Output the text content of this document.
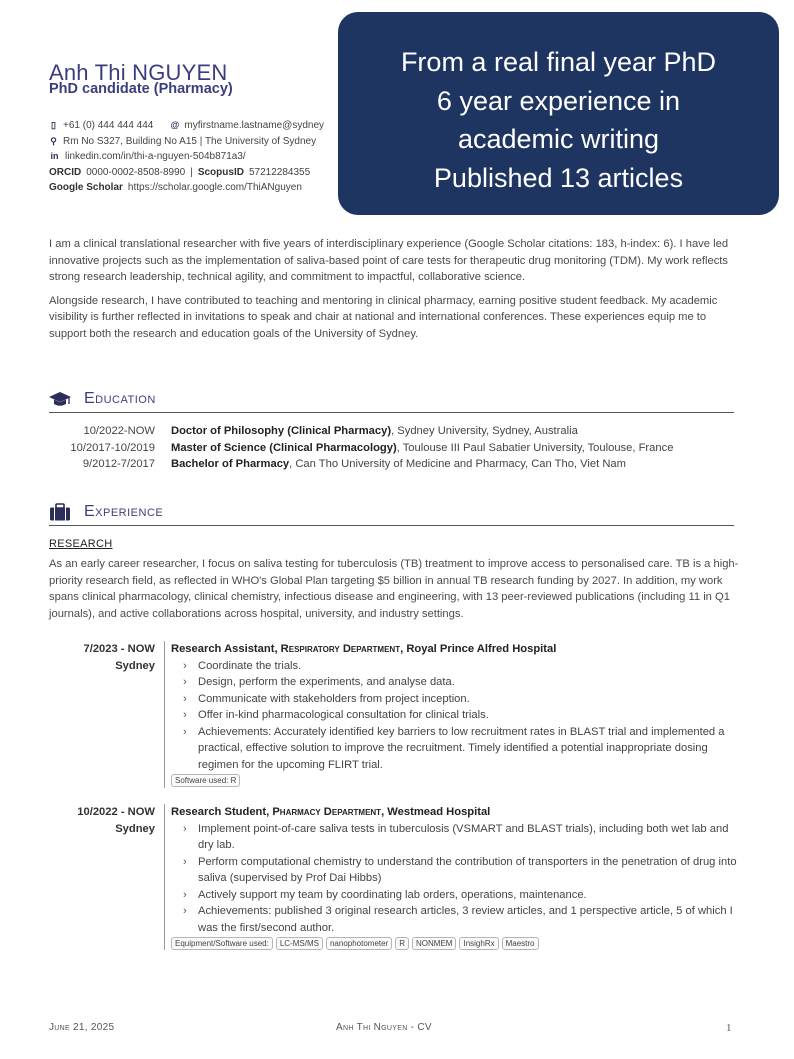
Anh Thi NGUYEN
PhD candidate (Pharmacy)
▯ +61 (0) 444 444 444 @ myfirstname.lastname@sydney
⚲ Rm No S327, Building No A15 | The University of Sydney
in linkedin.com/in/thi-a-nguyen-504b871a3/
ORCID 0000-0002-8508-8990 | ScopusID 57212284355
Google Scholar https://scholar.google.com/ThiANguyen
From a real final year PhD
6 year experience in
academic writing
Published 13 articles

I am a clinical translational researcher with five years of interdisciplinary experience (Google Scholar citations: 183, h-index: 6). I have led innovative projects such as the implementation of saliva-based point of care tests for therapeutic drug monitoring (TDM). My work reflects strong research leadership, technical agility, and commitment to impactful, collaborative science.

Alongside research, I have contributed to teaching and mentoring in clinical pharmacy, earning positive student feedback. My academic visibility is further reflected in invitations to speak and chair at national and international conferences. These experiences equip me to support both the research and education goals of the University of Sydney.

Education
10/2022-NOW Doctor of Philosophy (Clinical Pharmacy), Sydney University, Sydney, Australia
10/2017-10/2019 Master of Science (Clinical Pharmacology), Toulouse III Paul Sabatier University, Toulouse, France
9/2012-7/2017 Bachelor of Pharmacy, Can Tho University of Medicine and Pharmacy, Can Tho, Viet Nam
Experience
RESEARCH
As an early career researcher, I focus on saliva testing for tuberculosis (TB) treatment to improve access to personalised care. TB is a high-priority research field, as reflected in WHO's Global Plan targeting $5 billion in annual TB research funding by 2027. In addition, my work spans clinical pharmacology, clinical chemistry, infectious disease and engineering, with 13 peer-reviewed publications (including 11 in Q1 journals), and active collaborations across hospital, university, and industry settings.
7/2023 - NOW
Sydney
Research Assistant, Respiratory Department, Royal Prince Alfred Hospital
› Coordinate the trials.
› Design, perform the experiments, and analyse data.
› Communicate with stakeholders from project inception.
› Offer in-kind pharmacological consultation for clinical trials.
› Achievements: Accurately identified key barriers to low recruitment rates in BLAST trial and implemented a practical, effective solution to improve the recruitment. Timely identified a potential inappropriate dosing regimen for the upcoming FLIRT trial.
Software used: R
10/2022 - NOW
Sydney
Research Student, Pharmacy Department, Westmead Hospital
› Implement point-of-care saliva tests in tuberculosis (VSMART and BLAST trials), including both wet lab and dry lab.
› Perform computational chemistry to understand the contribution of transporters in the penetration of drug into saliva (supervised by Prof Dai Hibbs)
› Actively support my team by coordinating lab orders, operations, maintenance.
› Achievements: published 3 original research articles, 3 review articles, and 1 perspective article, 5 of which I was the first/second author.
Equipment/Software used:	LC-MS/MS	nanophotometer	R	NONMEM	InsighRx	Maestro
June 21, 2025	Anh Thi Nguyen - CV	1
